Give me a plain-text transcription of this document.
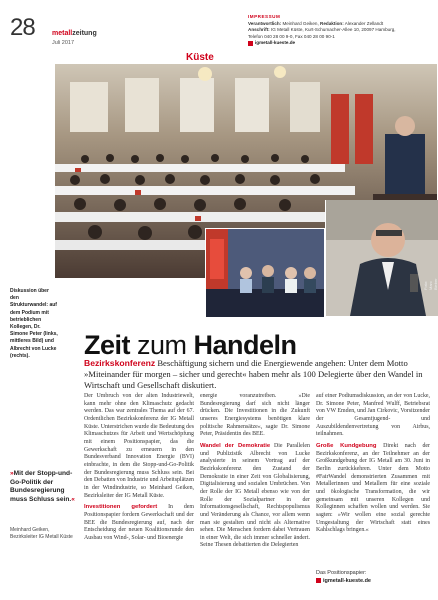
28 metallzeitung
Juli 2017
IMPRESSUM
Verantwortlich: Meinhard Geiken, Redaktion: Alexander Zellandt
Anschrift: IG Metall Küste, Kurt-Schumacher-Allee 10, 20097 Hamburg,
Telefon 040 28 00 9-0, Fax 040 28 00 90-1
igmetall-kueste.de
Küste
Foto: Marc Bieber
Diskussion über den Strukturwandel: auf dem Podium mit betrieblichen Kollegen, Dr. Simone Peter (links, mittleres Bild) und Albrecht von Lucke (rechts).	Zeit zum Handeln
Bezirkskonferenz Beschäftigung sichern und die Energiewende angehen: Unter dem Motto »Miteinander für morgen – sicher und gerecht« haben mehr als 100 Delegierte über den Wandel in Wirtschaft und Gesellschaft diskutiert.

Der Umbruch von der alten Industriewelt, kann mehr ohne den Klimaschutz gedacht werden. Das war zentrales Thema auf der 67. Ordentlichen Bezirkskonferenz der IG Metall Küste. Unterstrichen wurde die Bedeutung des Klimaschutzes für Arbeit und Wertschöpfung mit einem Positionspapier, das die Gewerkschaft zu erneuern in den Bundesverband Innovation Energie (BVI) einbrachte, in dem die Stopp-und-Go-Politik der Bundesregierung muss Schluss sein. Bei den Debatten von Industrie und Arbeitsplätzen in der Windindustrie, so Meinhard Geiken, Bezirksleiter der IG Metall Küste.

Investitionen gefordert In dem Positionspapier fordern Gewerkschaft und der BEE die Bundesregierung auf, nach der Entscheidung der neuen Koalitionsrunde den Ausbau von Wind-, Solar- und Bioenergie

energie voranzutreiben. »Die Bundesregierung darf sich nicht länger drücken. Die Investitionen in die Zukunft unseres Energiesystems benötigen klare politische Rahmensätze«, sagte Dr. Simone Peter, Präsidentin des BEE.

Wandel der Demokratie Die Parallelen und Publizistik Albrecht von Lucke analysierte in seinem Vortrag auf der Bezirkskonferenz den Zustand der Demokratie in einer Zeit von Globalisierung, Digitalisierung und sozialen Umbrüchen. Von der Rolle der IG Metall ebenso wie von der Rolle der Sozialpartner in der Informationsgesellschaft, Rechtspopulismus und Veränderung als Chance, vor allem wenn man sie gestalten und nicht als Alternative sehen. Die Menschen fordern dabei Vertrauen in einer Welt, die sich immer schneller ändert. Seine Thesen debattierten die Delegierten

auf einer Podiumsdiskussion, an der von Lucke, Dr. Simone Peter, Manfred Wulff, Betriebsrat von VW Emden, und Jan Cirkovic, Vorsitzender der Gesamtjugend- und Auszubildendenvertretung von Airbus, teilnahmen.

Große Kundgebung Direkt nach der Bezirkskonferenz, an der Teilnehmer an der Großkundgebung der IG Metall am 30. Juni in Berlin zurückkehren. Unter dem Motto #FairWandel demonstrierten Zusammen mit Metallerinnen und Metallern für eine soziale und ökologische Transformation, die wir gemeinsam mit unseren Kollegen und Kolleginnen schaffen wollen und werden. Sie sagten: »Wir wollen eine sozial gerechte Umgestaltung der Wirtschaft statt eines Kahlschlags bringen.«

Das Positionspapier:
igmetall-kueste.de
»Mit der Stopp-und-Go-Politik der Bundesregierung muss Schluss sein.«
Meinhard Geiken, Bezirksleiter IG Metall Küste
